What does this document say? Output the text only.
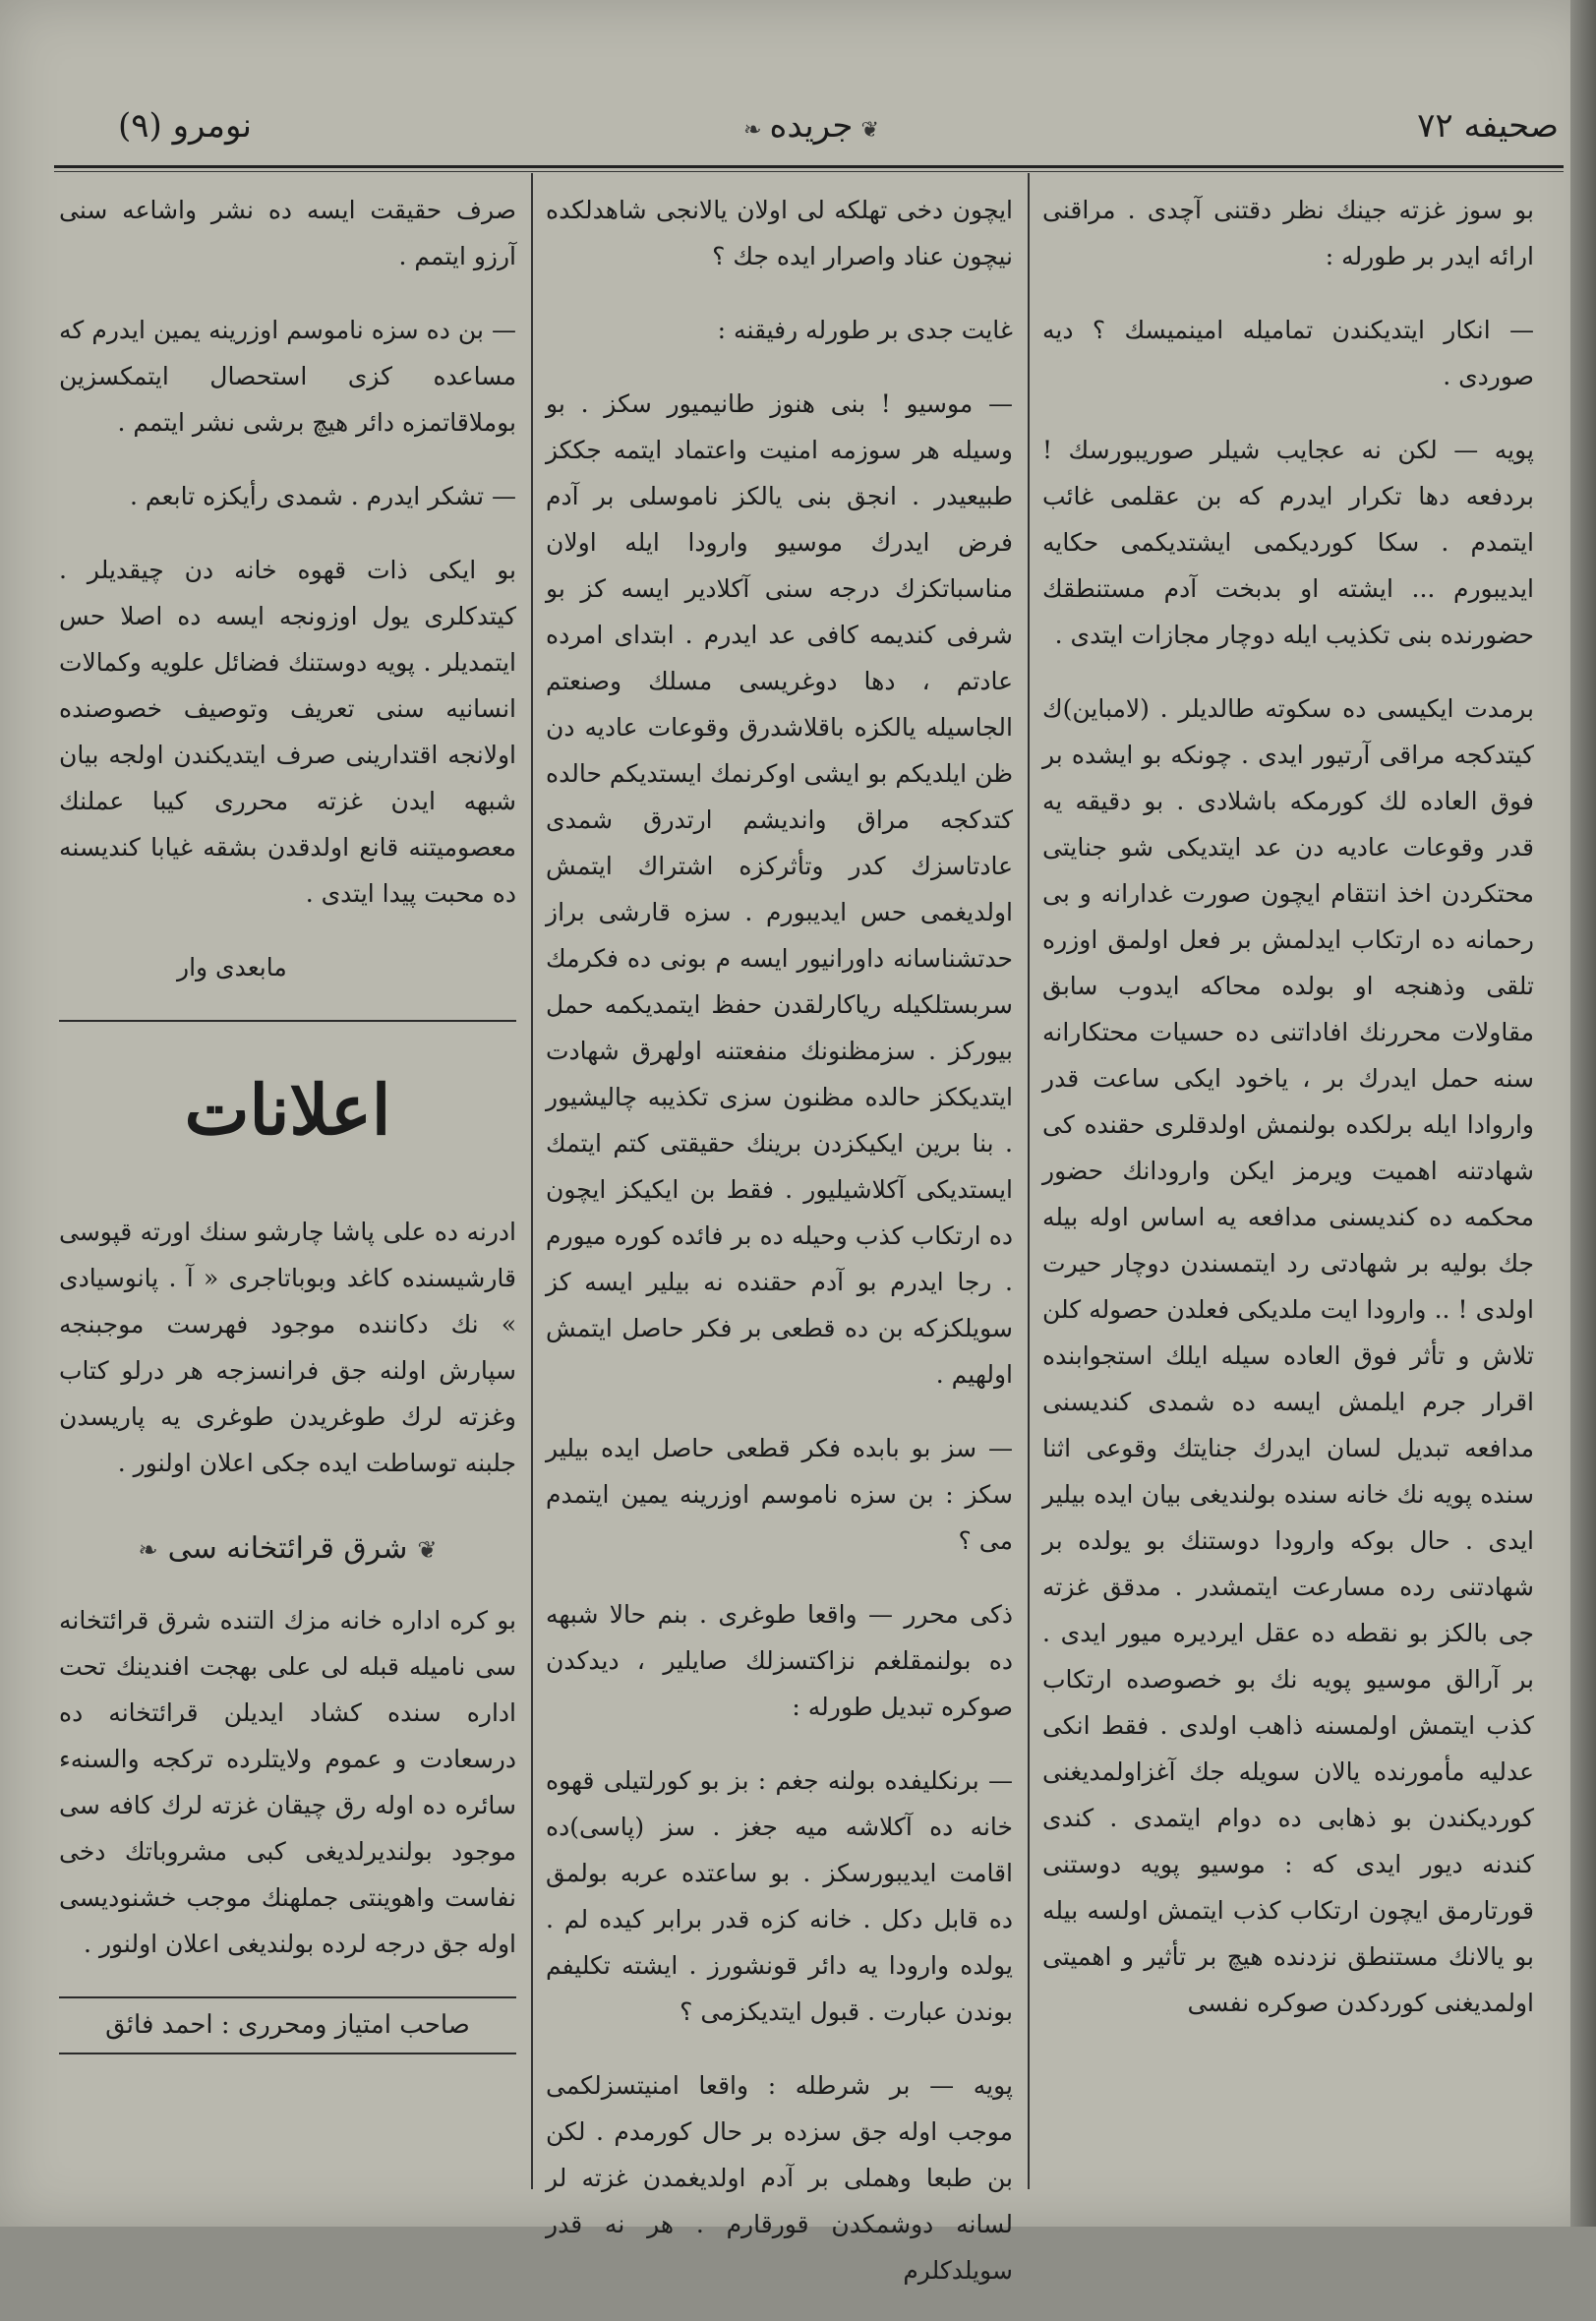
صحیفه ۷۲
❦جریده❧
نومرو (۹)

بو سوز غزته جینك نظر دقتنی آچدی . مراقنی ارائه ایدر بر طورله :

— انکار ایتدیکندن تمامیله امینمیسك ؟ دیه صوردی .

پویه — لکن نه عجایب شیلر صوریبورسك ! بردفعه دها تکرار ایدرم که بن عقلمی غائب ایتمدم . سکا کوردیکمی ایشتدیکمی حکایه ایدیبورم ... ایشته او بدبخت آدم مستنطقك حضورنده بنی تکذیب ایله دوچار مجازات ایتدی .

برمدت ایکیسی ده سکوته طالدیلر . (لامباین)ك کیتدکجه مراقی آرتیور ایدی . چونکه بو ایشده بر فوق العاده لك کورمکه باشلادی . بو دقیقه یه قدر وقوعات عادیه دن عد ایتدیکی شو جنایتی محتکردن اخذ انتقام ایچون صورت غدارانه و بی رحمانه ده ارتکاب ایدلمش بر فعل اولمق اوزره تلقی وذهنجه او بولده محاکه ایدوب سابق مقاولات محررنك افاداتنی ده حسیات محتکارانه سنه حمل ایدرك بر ، یاخود ایکی ساعت قدر واروادا ایله برلکده بولنمش اولدقلری حقنده کی شهادتنه اهمیت ویرمز ایکن وارودانك حضور محکمه ده کندیسنی مدافعه یه اساس اوله بیله جك بولیه بر شهادتی رد ایتمسندن دوچار حیرت اولدی ! .. وارودا ایت ملدیکی فعلدن حصوله کلن تلاش و تأثر فوق العاده سیله ایلك استجوابنده اقرار جرم ایلمش ایسه ده شمدی کندیسنی مدافعه تبدیل لسان ایدرك جنایتك وقوعی اثنا سنده پویه نك خانه سنده بولندیغی بیان ایده بیلیر ایدی . حال بوکه وارودا دوستنك بو یولده بر شهادتنی رده مسارعت ایتمشدر . مدقق غزته جی بالکز بو نقطه ده عقل ایردیره میور ایدی . بر آرالق موسیو پویه نك بو خصوصده ارتکاب کذب ایتمش اولمسنه ذاهب اولدی . فقط انکی عدلیه مأمورنده یالان سویله جك آغزاولمدیغنی کوردیکندن بو ذهابی ده دوام ایتمدی . کندی کندنه دیور ایدی که : موسیو پویه دوستنی قورتارمق ایچون ارتکاب کذب ایتمش اولسه بیله بو یالانك مستنطق نزدنده هیچ بر تأثیر و اهمیتی اولمدیغنی کوردکدن صوکره نفسی

ایچون دخی تهلکه لی اولان یالانجی شاهدلکده نیچون عناد واصرار ایده جك ؟

غایت جدی بر طورله رفیقنه :

— موسیو ! بنی هنوز طانیمیور سکز . بو وسیله هر سوزمه امنیت واعتماد ایتمه جککز طبیعیدر . انجق بنی یالکز ناموسلی بر آدم فرض ایدرك موسیو وارودا ایله اولان مناسباتکزك درجه سنی آکلادیر ایسه کز بو شرفی کندیمه کافی عد ایدرم . ابتدای امرده عادتم ، دها دوغریسی مسلك وصنعتم الجاسیله یالکزه باقلاشدرق وقوعات عادیه دن ظن ایلدیکم بو ایشی اوکرنمك ایستدیکم حالده کتدکجه مراق واندیشم ارتدرق شمدی عادتاسزك کدر وتأثرکزه اشتراك ایتمش اولدیغمی حس ایدیبورم . سزه قارشی براز حدتشناسانه داورانیور ایسه م بونی ده فکرمك سربستلکیله ریاکارلقدن حفظ ایتمدیکمه حمل بیورکز . سزمظنونك منفعتنه اولهرق شهادت ایتدیککز حالده مظنون سزی تکذیبه چالیشیور . بنا برین ایکیکزدن برینك حقیقتی کتم ایتمك ایستدیکی آکلاشیلیور . فقط بن ایکیکز ایچون ده ارتکاب کذب وحیله ده بر فائده کوره میورم . رجا ایدرم بو آدم حقنده نه بیلیر ایسه کز سویلکزکه بن ده قطعی بر فکر حاصل ایتمش اولهیم .

— سز بو بابده فکر قطعی حاصل ایده بیلیر سکز : بن سزه ناموسم اوزرینه یمین ایتمدم می ؟

ذکی محرر — واقعا طوغری . بنم حالا شبهه ده بولنمقلغم نزاکتسزلك صایلیر ، دیدکدن صوکره تبدیل طورله :

— برنکلیفده بولنه جغم : بز بو کورلتیلی قهوه خانه ده آکلاشه میه جغز . سز (پاسی)ده اقامت ایدیبورسکز . بو ساعتده عربه بولمق ده قابل دکل . خانه کزه قدر برابر کیده لم . یولده وارودا یه دائر قونشورز . ایشته تکلیفم بوندن عبارت . قبول ایتدیکزمی ؟

پویه — بر شرطله : واقعا امنیتسزلکمی موجب اوله جق سزده بر حال کورمدم . لکن بن طبعا وهملی بر آدم اولدیغمدن غزته لر لسانه دوشمکدن قورقارم . هر نه قدر سویلدکلرم

صرف حقیقت ایسه ده نشر واشاعه سنی آرزو ایتمم .

— بن ده سزه ناموسم اوزرینه یمین ایدرم که مساعده کزی استحصال ایتمکسزین بوملاقاتمزه دائر هیچ برشی نشر ایتمم .

— تشکر ایدرم . شمدی رأیکزه تابعم .

بو ایکی ذات قهوه خانه دن چیقدیلر . کیتدکلری یول اوزونجه ایسه ده اصلا حس ایتمدیلر . پویه دوستنك فضائل علویه وکمالات انسانیه سنی تعریف وتوصیف خصوصنده اولانجه اقتدارینی صرف ایتدیکندن اولجه بیان شبهه ایدن غزته محرری کیبا عملنك معصومیتنه قانع اولدقدن بشقه غیابا کندیسنه ده محبت پیدا ایتدی .

مابعدی وار

اعلانات

ادرنه ده علی پاشا چارشو سنك اورته قپوسی قارشیسنده کاغد وبوباتاجری « آ . پانوسیادی » نك دکاننده موجود فهرست موجبنجه سپارش اولنه جق فرانسزجه هر درلو کتاب وغزته لرك طوغریدن طوغری یه پاریسدن جلبنه توساطت ایده جکی اعلان اولنور .

❦شرق قرائتخانه سی❧

بو کره اداره خانه مزك التنده شرق قرائتخانه سی نامیله قبله لی علی بهجت افندینك تحت اداره سنده کشاد ایدیلن قرائتخانه ده درسعادت و عموم ولایتلرده ترکجه والسنهء سائره ده اوله رق چیقان غزته لرك کافه سی موجود بولندیرلدیغی کبی مشروباتك دخی نفاست واهوینتی جملهنك موجب خشنودیسی اوله جق درجه لرده بولندیغی اعلان اولنور .

صاحب امتیاز ومحرری : احمد فائق
